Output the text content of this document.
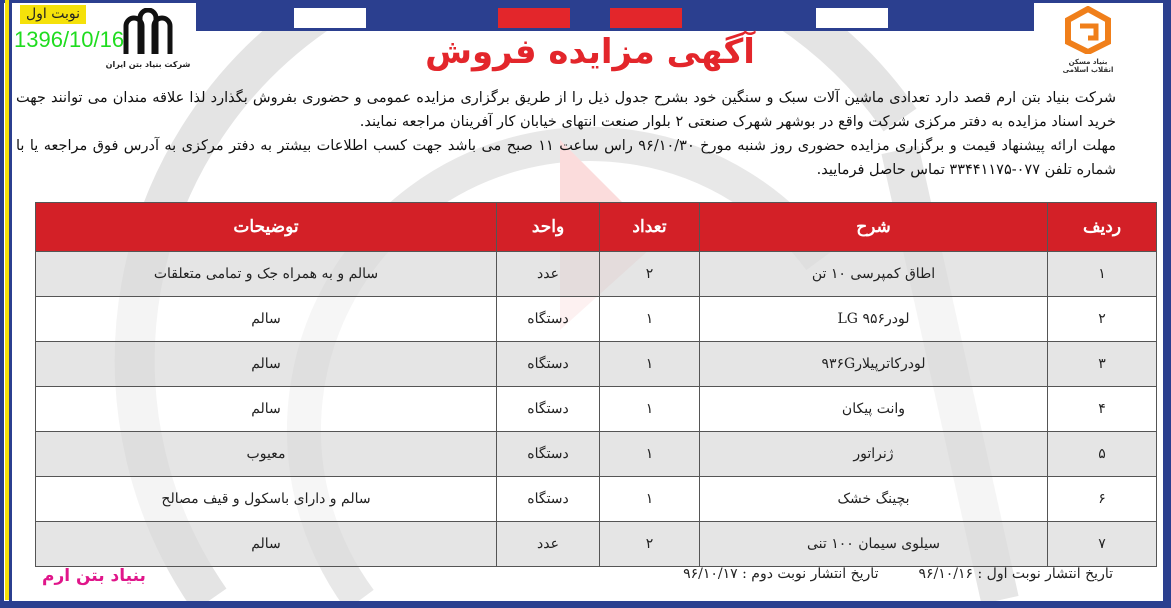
نوبت اول
1396/10/16
شرکت بنیاد بتن ایران	بنیاد مسکن انقلاب اسلامی
آگهی مزایده فروش

شرکت بنیاد بتن ارم قصد دارد تعدادی ماشین آلات سبک و سنگین خود بشرح جدول ذیل را از طریق برگزاری مزایده عمومی و حضوری بفروش بگذارد لذا علاقه مندان می توانند جهت خرید اسناد مزایده به دفتر مرکزی شرکت واقع در بوشهر شهرک صنعتی ۲ بلوار صنعت انتهای خیابان کار آفرینان مراجعه نمایند.

مهلت ارائه پیشنهاد قیمت و برگزاری مزایده حضوری روز شنبه مورخ ۹۶/۱۰/۳۰ راس ساعت ۱۱ صبح می باشد جهت کسب اطلاعات بیشتر به دفتر مرکزی به آدرس فوق مراجعه یا با شماره تلفن ۰۷۷-۳۳۴۴۱۱۷۵ تماس حاصل فرمایید.

ردیف	شرح	تعداد	واحد	توضیحات
۱	اطاق کمپرسی ۱۰ تن	۲	عدد	سالم و به همراه جک و تمامی متعلقات
۲	لودر۹۵۶ LG	۱	دستگاه	سالم
۳	لودرکاترپیلار۹۳۶G	۱	دستگاه	سالم
۴	وانت پیکان	۱	دستگاه	سالم
۵	ژنراتور	۱	دستگاه	معیوب
۶	بچینگ خشک	۱	دستگاه	سالم و دارای باسکول و قیف مصالح
۷	سیلوی سیمان ۱۰۰ تنی	۲	عدد	سالم
تاریخ انتشار نوبت اول : ۹۶/۱۰/۱۶
تاریخ انتشار نوبت دوم : ۹۶/۱۰/۱۷
بنیاد بتن ارم
